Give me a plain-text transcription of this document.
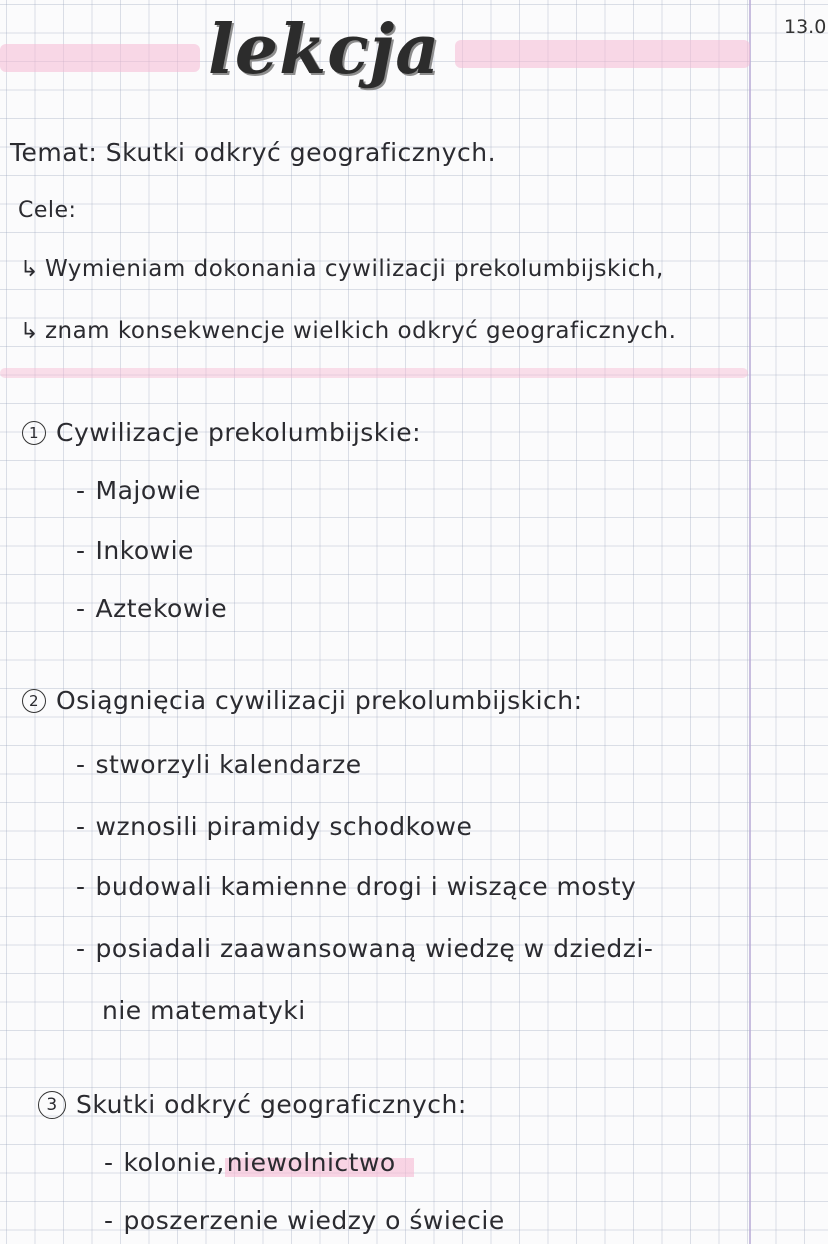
lekcja	13.0
Temat: Skutki odkryć geograficznych.
Cele:
↳ Wymieniam dokonania cywilizacji prekolumbijskich,
↳ znam konsekwencje wielkich odkryć geograficznych.
1 Cywilizacje prekolumbijskie:
- Majowie
- Inkowie
- Aztekowie
2 Osiągnięcia cywilizacji prekolumbijskich:
- stworzyli kalendarze
- wznosili piramidy schodkowe
- budowali kamienne drogi i wiszące mosty
- posiadali zaawansowaną wiedzę w dziedzi-
nie matematyki
3 Skutki odkryć geograficznych:
- kolonie,niewolnictwo
- poszerzenie wiedzy o świecie
